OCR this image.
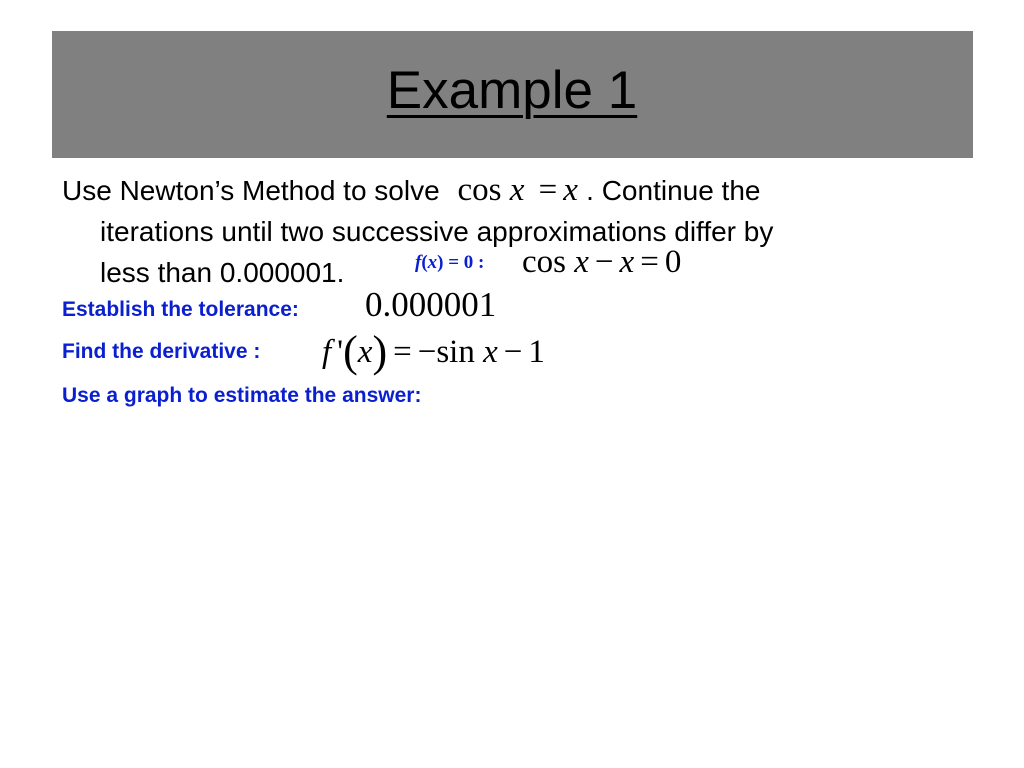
Example 1
Use Newton’s Method to solve cos x = x . Continue the
iterations until two successive approximations differ by
less than 0.000001.	f(x) = 0 : cos x − x = 0
Establish the tolerance: 0.000001
Find the derivative : f '(x) = −sin x − 1
Use a graph to estimate the answer:
